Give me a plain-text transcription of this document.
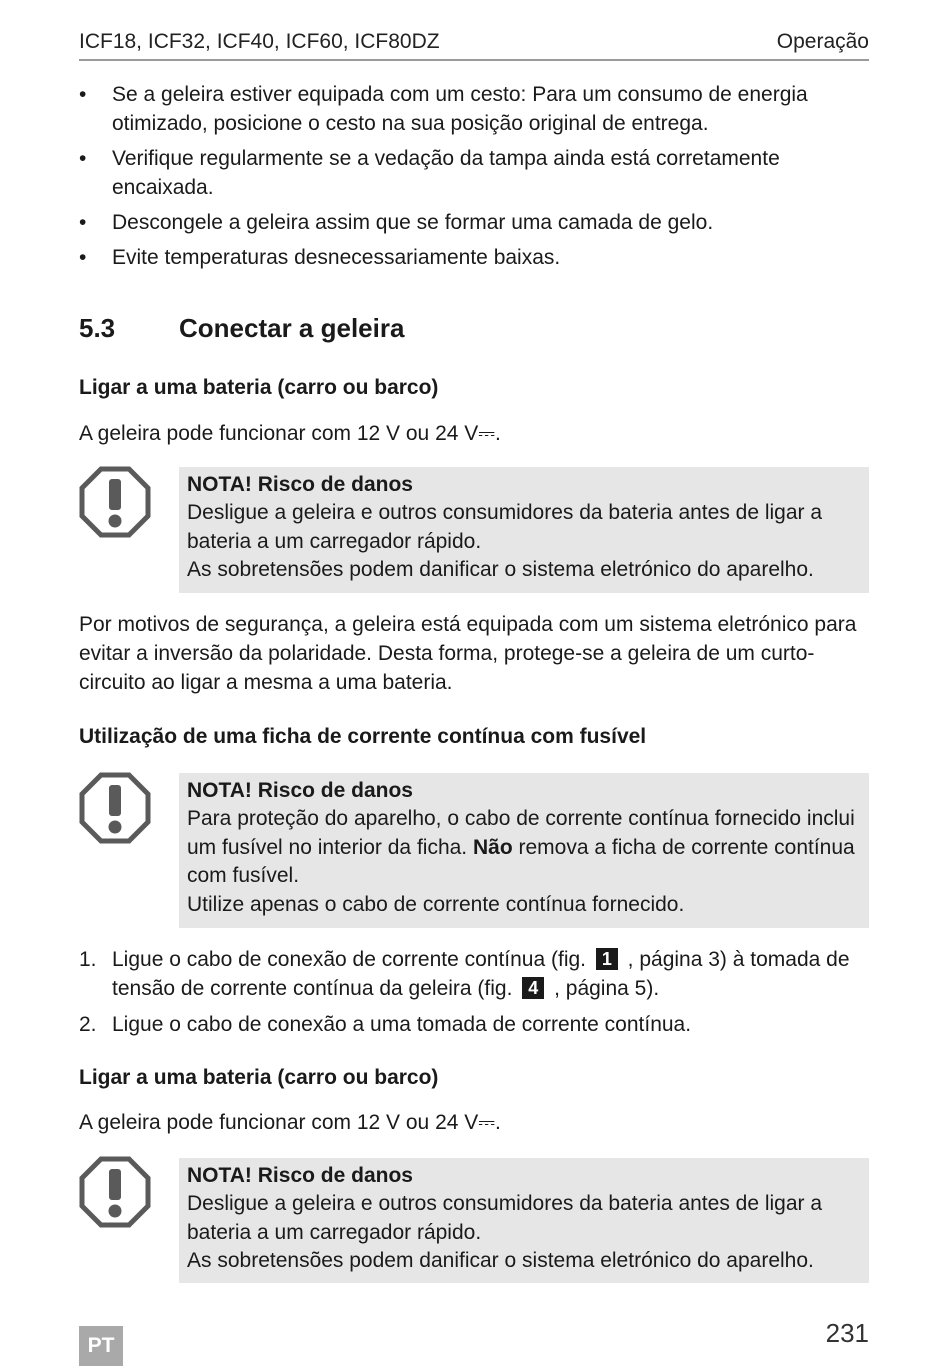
ICF18, ICF32, ICF40, ICF60, ICF80DZ	Operação
• Se a geleira estiver equipada com um cesto: Para um consumo de energia otimizado, posicione o cesto na sua posição original de entrega.
• Verifique regularmente se a vedação da tampa ainda está corretamente encaixada.
• Descongele a geleira assim que se formar uma camada de gelo.
• Evite temperaturas desnecessariamente baixas.
5.3 Conectar a geleira
Ligar a uma bateria (carro ou barco)
A geleira pode funcionar com 12 V ou 24 V⎓.
NOTA! Risco de danos
Desligue a geleira e outros consumidores da bateria antes de ligar a bateria a um carregador rápido.
As sobretensões podem danificar o sistema eletrónico do aparelho.
Por motivos de segurança, a geleira está equipada com um sistema eletrónico para evitar a inversão da polaridade. Desta forma, protege-se a geleira de um curto-circuito ao ligar a mesma a uma bateria.
Utilização de uma ficha de corrente contínua com fusível
NOTA! Risco de danos
Para proteção do aparelho, o cabo de corrente contínua fornecido inclui um fusível no interior da ficha. Não remova a ficha de corrente contínua com fusível.
Utilize apenas o cabo de corrente contínua fornecido.
1. Ligue o cabo de conexão de corrente contínua (fig. 1 , página 3) à tomada de tensão de corrente contínua da geleira (fig. 4 , página 5).
2. Ligue o cabo de conexão a uma tomada de corrente contínua.
Ligar a uma bateria (carro ou barco)
A geleira pode funcionar com 12 V ou 24 V⎓.
NOTA! Risco de danos
Desligue a geleira e outros consumidores da bateria antes de ligar a bateria a um carregador rápido.
As sobretensões podem danificar o sistema eletrónico do aparelho.
PT	231
